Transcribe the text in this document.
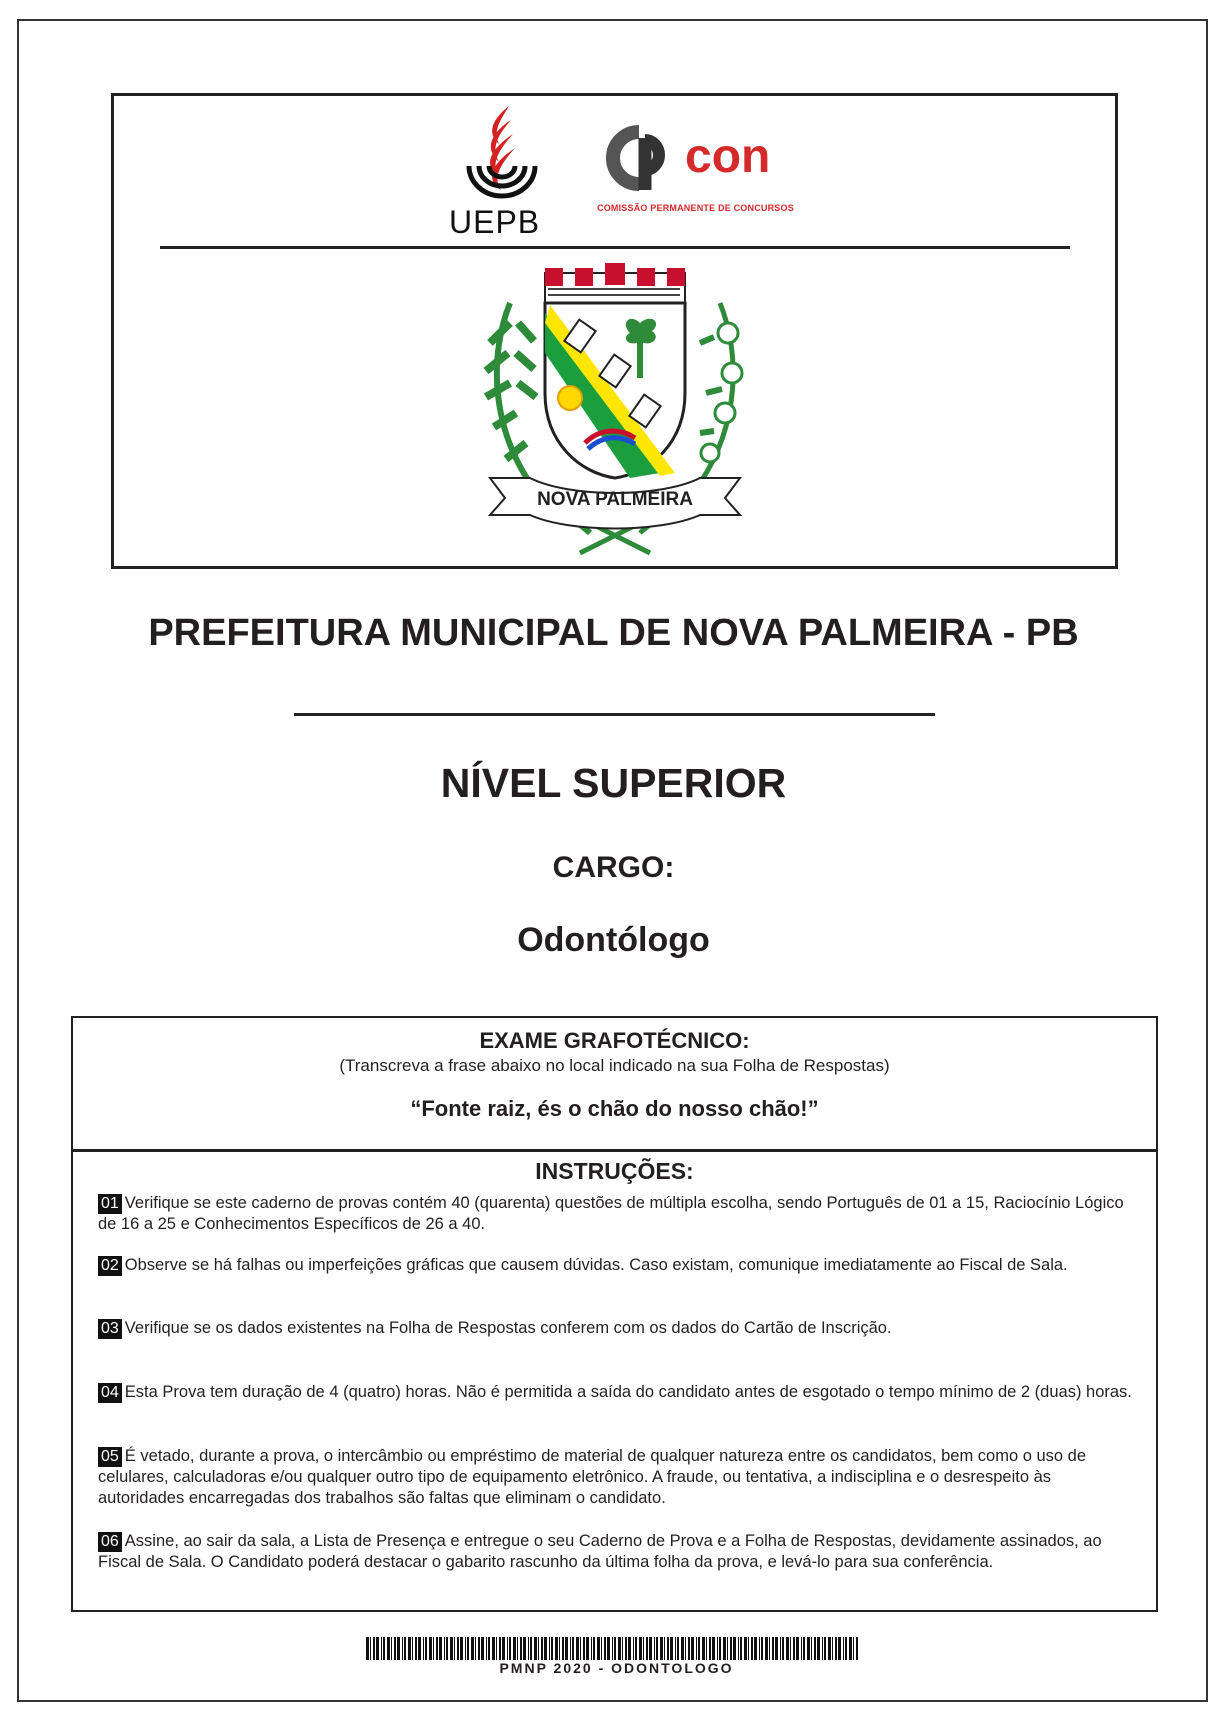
UEPB
con
COMISSÃO PERMANENTE DE CONCURSOS
NOVA PALMEIRA
PREFEITURA MUNICIPAL DE NOVA PALMEIRA - PB
NÍVEL SUPERIOR
CARGO:
Odontólogo
EXAME GRAFOTÉCNICO:
(Transcreva a frase abaixo no local indicado na sua Folha de Respostas)
“Fonte raiz, és o chão do nosso chão!”
INSTRUÇÕES:
01 Verifique se este caderno de provas contém 40 (quarenta) questões de múltipla escolha, sendo Português de 01 a 15, Raciocínio Lógico de 16 a 25 e Conhecimentos Específicos de 26 a 40.
02 Observe se há falhas ou imperfeições gráficas que causem dúvidas. Caso existam, comunique imediatamente ao Fiscal de Sala.
03 Verifique se os dados existentes na Folha de Respostas conferem com os dados do Cartão de Inscrição.
04 Esta Prova tem duração de 4 (quatro) horas. Não é permitida a saída do candidato antes de esgotado o tempo mínimo de 2 (duas) horas.
05 É vetado, durante a prova, o intercâmbio ou empréstimo de material de qualquer natureza entre os candidatos, bem como o uso de celulares, calculadoras e/ou qualquer outro tipo de equipamento eletrônico. A fraude, ou tentativa, a indisciplina e o desrespeito às autoridades encarregadas dos trabalhos são faltas que eliminam o candidato.
06 Assine, ao sair da sala, a Lista de Presença e entregue o seu Caderno de Prova e a Folha de Respostas, devidamente assinados, ao Fiscal de Sala. O Candidato poderá destacar o gabarito rascunho da última folha da prova, e levá-lo para sua conferência.
PMNP 2020 - ODONTOLOGO
